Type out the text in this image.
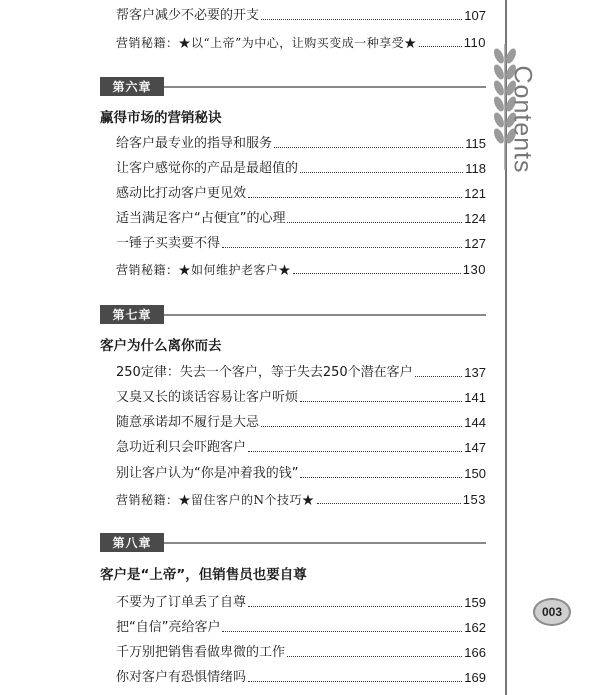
帮客户减少不必要的开支	107
营销秘籍：★以“上帝”为中心，让购买变成一种享受★	110
第六章
赢得市场的营销秘诀
给客户最专业的指导和服务	115
让客户感觉你的产品是最超值的	118
感动比打动客户更见效	121
适当满足客户“占便宜”的心理	124
一锤子买卖要不得	127
营销秘籍：★如何维护老客户★	130
第七章
客户为什么离你而去
250定律：失去一个客户，等于失去250个潜在客户	137
又臭又长的谈话容易让客户听烦	141
随意承诺却不履行是大忌	144
急功近利只会吓跑客户	147
别让客户认为“你是冲着我的钱”	150
营销秘籍：★留住客户的N个技巧★	153
第八章
客户是“上帝”，但销售员也要自尊
不要为了订单丢了自尊	159
把“自信”亮给客户	162
千万别把销售看做卑微的工作	166
你对客户有恐惧情绪吗	169
Contents
003
